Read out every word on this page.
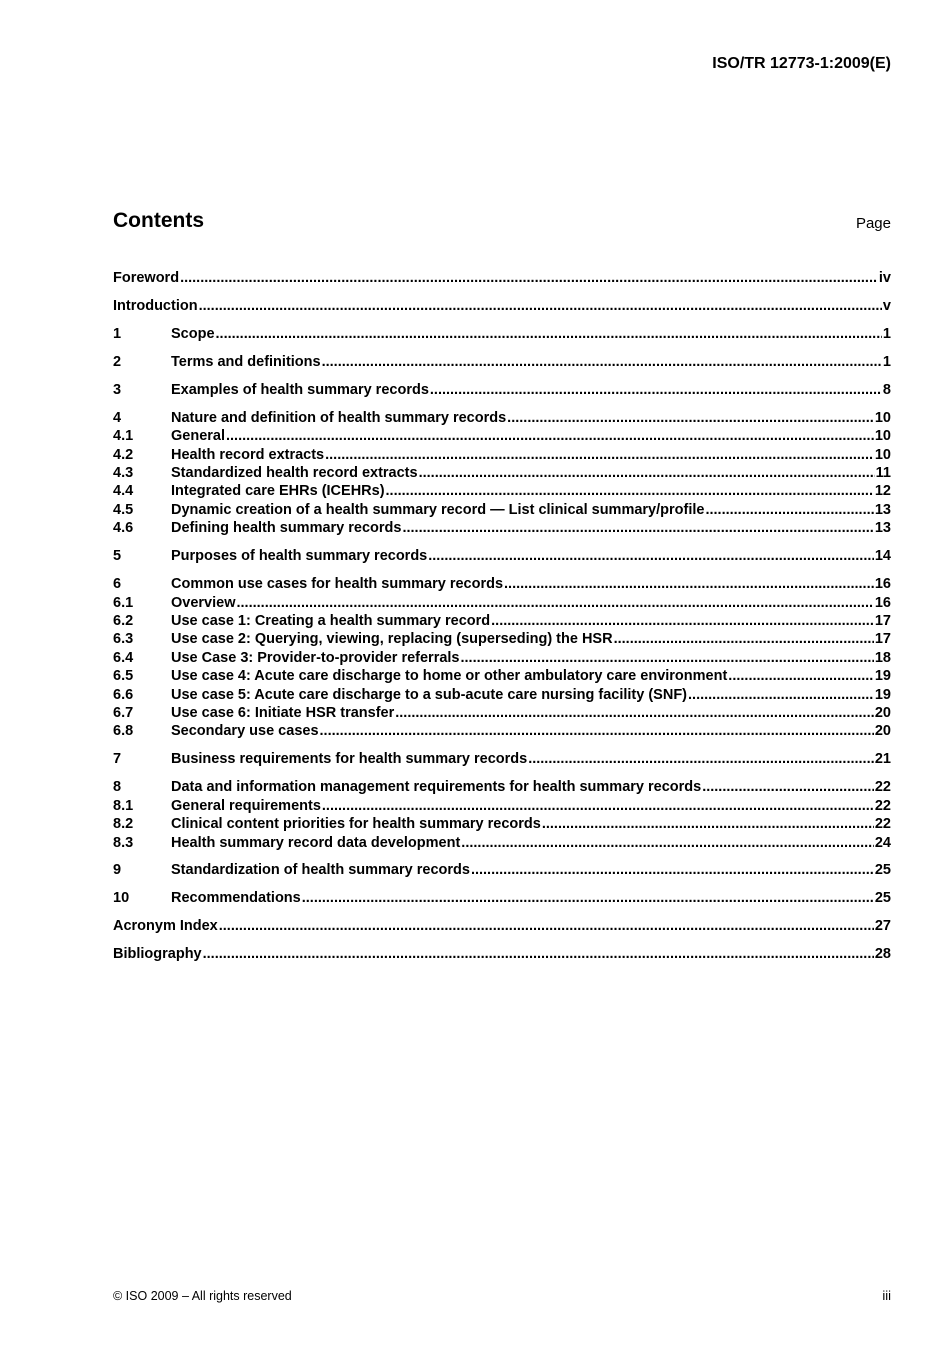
ISO/TR 12773-1:2009(E)
Contents	Page
Foreword .....	iv
Introduction .....	v
1	Scope .....	1
2	Terms and definitions .....	1
3	Examples of health summary records .....	8
4	Nature and definition of health summary records .....	10
4.1	General .....	10
4.2	Health record extracts .....	10
4.3	Standardized health record extracts .....	11
4.4	Integrated care EHRs (ICEHRs) .....	12
4.5	Dynamic creation of a health summary record — List clinical summary/profile .....	13
4.6	Defining health summary records .....	13
5	Purposes of health summary records .....	14
6	Common use cases for health summary records .....	16
6.1	Overview .....	16
6.2	Use case 1: Creating a health summary record .....	17
6.3	Use case 2: Querying, viewing, replacing (superseding) the HSR .....	17
6.4	Use Case 3: Provider-to-provider referrals .....	18
6.5	Use case 4: Acute care discharge to home or other ambulatory care environment .....	19
6.6	Use case 5: Acute care discharge to a sub-acute care nursing facility (SNF) .....	19
6.7	Use case 6: Initiate HSR transfer .....	20
6.8	Secondary use cases .....	20
7	Business requirements for health summary records .....	21
8	Data and information management requirements for health summary records .....	22
8.1	General requirements .....	22
8.2	Clinical content priorities for health summary records .....	22
8.3	Health summary record data development .....	24
9	Standardization of health summary records .....	25
10	Recommendations .....	25
Acronym Index .....	27
Bibliography .....	28
© ISO 2009 – All rights reserved	iii
